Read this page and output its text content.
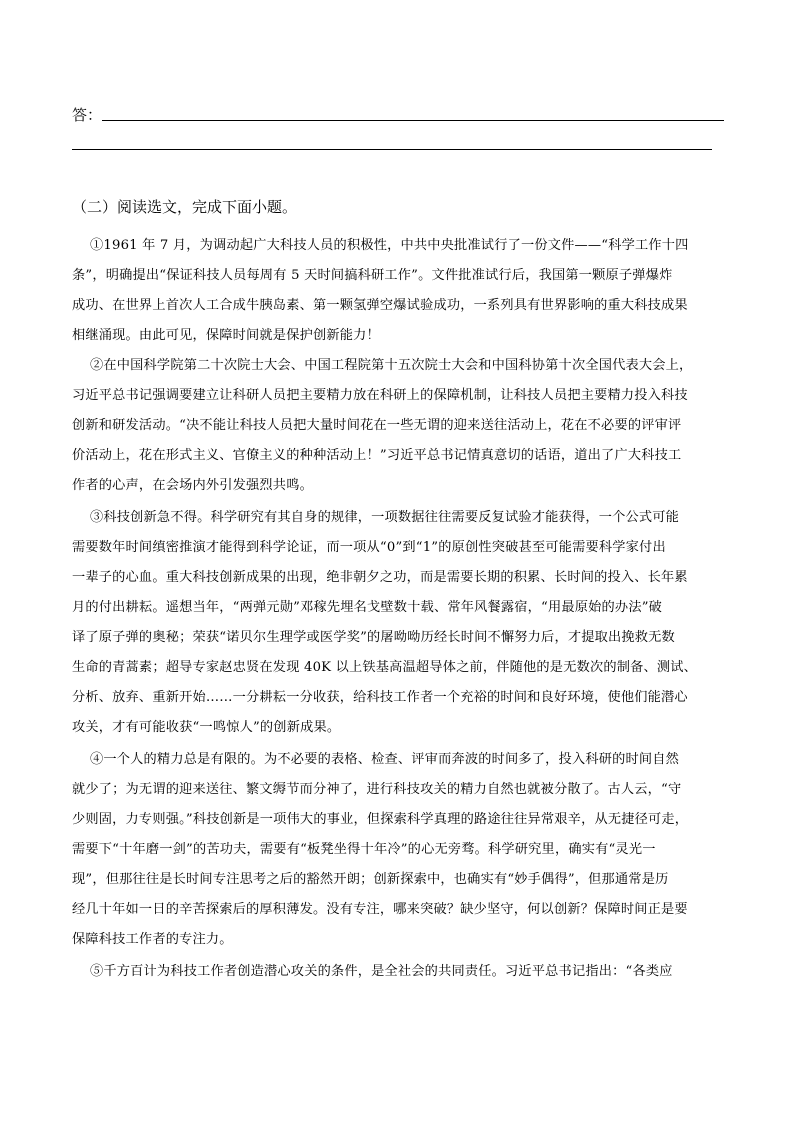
答：
（二）阅读选文，完成下面小题。
①1961 年 7 月，为调动起广大科技人员的积极性，中共中央批准试行了一份文件——“科学工作十四
条”，明确提出“保证科技人员每周有 5 天时间搞科研工作”。文件批准试行后，我国第一颗原子弹爆炸
成功、在世界上首次人工合成牛胰岛素、第一颗氢弹空爆试验成功，一系列具有世界影响的重大科技成果
相继涌现。由此可见，保障时间就是保护创新能力！
②在中国科学院第二十次院士大会、中国工程院第十五次院士大会和中国科协第十次全国代表大会上，
习近平总书记强调要建立让科研人员把主要精力放在科研上的保障机制，让科技人员把主要精力投入科技
创新和研发活动。“决不能让科技人员把大量时间花在一些无谓的迎来送往活动上，花在不必要的评审评
价活动上，花在形式主义、官僚主义的种种活动上！”习近平总书记情真意切的话语，道出了广大科技工
作者的心声，在会场内外引发强烈共鸣。
③科技创新急不得。科学研究有其自身的规律，一项数据往往需要反复试验才能获得，一个公式可能
需要数年时间缜密推演才能得到科学论证，而一项从“0”到“1”的原创性突破甚至可能需要科学家付出
一辈子的心血。重大科技创新成果的出现，绝非朝夕之功，而是需要长期的积累、长时间的投入、长年累
月的付出耕耘。遥想当年，“两弹元勋”邓稼先埋名戈壁数十载、常年风餐露宿，“用最原始的办法”破
译了原子弹的奥秘；荣获“诺贝尔生理学或医学奖”的屠呦呦历经长时间不懈努力后，才提取出挽救无数
生命的青蒿素；超导专家赵忠贤在发现 40K 以上铁基高温超导体之前，伴随他的是无数次的制备、测试、
分析、放弃、重新开始……一分耕耘一分收获，给科技工作者一个充裕的时间和良好环境，使他们能潜心
攻关，才有可能收获“一鸣惊人”的创新成果。
④一个人的精力总是有限的。为不必要的表格、检查、评审而奔波的时间多了，投入科研的时间自然
就少了；为无谓的迎来送往、繁文缛节而分神了，进行科技攻关的精力自然也就被分散了。古人云，“守
少则固，力专则强。”科技创新是一项伟大的事业，但探索科学真理的路途往往异常艰辛，从无捷径可走，
需要下“十年磨一剑”的苦功夫，需要有“板凳坐得十年冷”的心无旁骛。科学研究里，确实有“灵光一
现”，但那往往是长时间专注思考之后的豁然开朗；创新探索中，也确实有“妙手偶得”，但那通常是历
经几十年如一日的辛苦探索后的厚积薄发。没有专注，哪来突破？缺少坚守，何以创新？保障时间正是要
保障科技工作者的专注力。
⑤千方百计为科技工作者创造潜心攻关的条件，是全社会的共同责任。习近平总书记指出：“各类应
